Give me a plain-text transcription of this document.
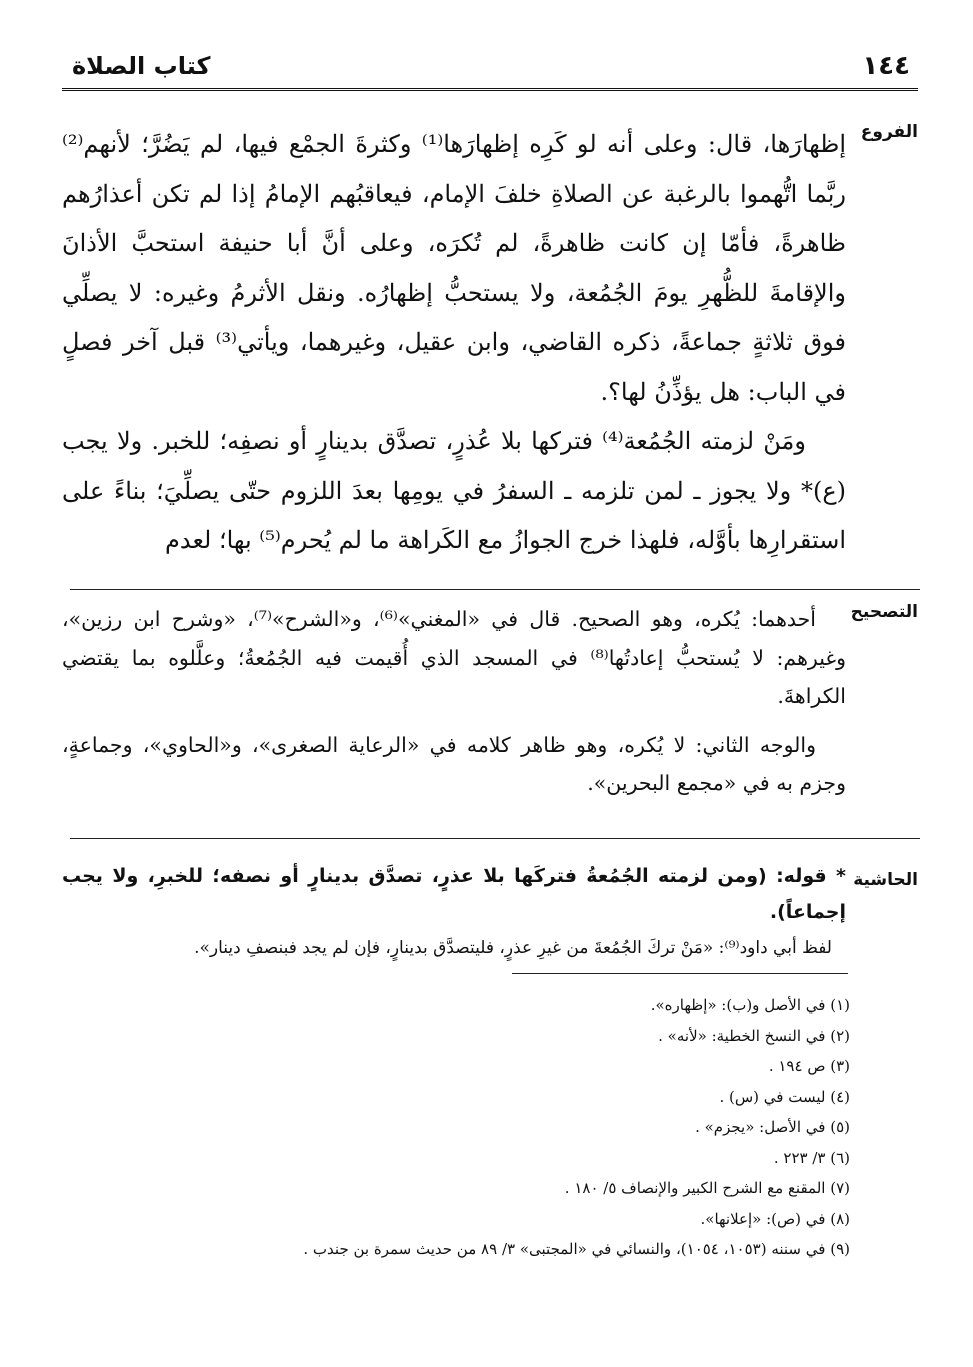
١٤٤
كتاب الصلاة
الفروع

إظهارَها، قال: وعلى أنه لو كَرِه إظهارَها⁽¹⁾ وكثرةَ الجمْع فيها، لم يَضُرَّ؛ لأنهم⁽²⁾ ربَّما اتُّهموا بالرغبة عن الصلاةِ خلفَ الإمام، فيعاقبُهم الإمامُ إذا لم تكن أعذارُهم ظاهرةً، فأمّا إن كانت ظاهرةً، لم تُكرَه، وعلى أنَّ أبا حنيفة استحبَّ الأذانَ والإقامةَ للظُّهرِ يومَ الجُمُعة، ولا يستحبُّ إظهارُه. ونقل الأثرمُ وغيره: لا يصلِّي فوق ثلاثةٍ جماعةً، ذكره القاضي، وابن عقيل، وغيرهما، ويأتي⁽³⁾ قبل آخر فصلٍ في الباب: هل يؤذِّنُ لها؟.

ومَنْ لزمته الجُمُعة⁽⁴⁾ فتركها بلا عُذرٍ، تصدَّق بدينارٍ أو نصفِه؛ للخبر. ولا يجب (ع)* ولا يجوز ـ لمن تلزمه ـ السفرُ في يومِها بعدَ اللزوم حتّى يصلِّيَ؛ بناءً على استقرارِها بأوَّله، فلهذا خرج الجوازُ مع الكَراهة ما لم يُحرم⁽⁵⁾ بها؛ لعدم

التصحيح

أحدهما: يُكره، وهو الصحيح. قال في «المغني»⁽⁶⁾، و«الشرح»⁽⁷⁾، «وشرح ابن رزين»، وغيرهم: لا يُستحبُّ إعادتُها⁽⁸⁾ في المسجد الذي أُقيمت فيه الجُمُعةُ؛ وعلَّلوه بما يقتضي الكراهةَ.

والوجه الثاني: لا يُكره، وهو ظاهر كلامه في «الرعاية الصغرى»، و«الحاوي»، وجماعةٍ، وجزم به في «مجمع البحرين».

الحاشية

* قوله: (ومن لزمته الجُمُعةُ فتركَها بلا عذرٍ، تصدَّق بدينارٍ أو نصفه؛ للخبرِ، ولا يجب إجماعاً).

لفظ أبي داود⁽⁹⁾: «مَنْ تركَ الجُمُعةَ من غيرِ عذرٍ، فليتصدَّق بدينارٍ، فإن لم يجد فبنصفِ دينار».

(١) في الأصل و(ب): «إظهاره».
(٢) في النسخ الخطية: «لأنه» .
(٣) ص ١٩٤ .
(٤) ليست في (س) .
(٥) في الأصل: «يجزم» .
(٦) ٣/ ٢٢٣ .
(٧) المقنع مع الشرح الكبير والإنصاف ٥/ ١٨٠ .
(٨) في (ص): «إعلانها».
(٩) في سننه (١٠٥٣، ١٠٥٤)، والنسائي في «المجتبى» ٣/ ٨٩ من حديث سمرة بن جندب .
